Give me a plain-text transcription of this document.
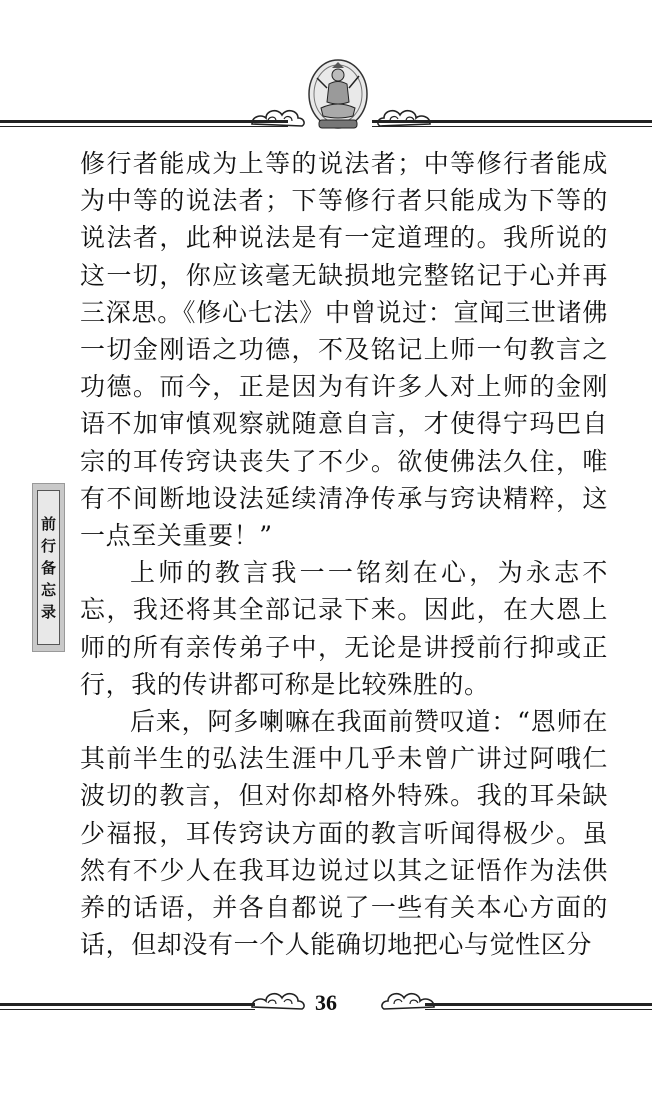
修行者能成为上等的说法者；中等修行者能成为中等的说法者；下等修行者只能成为下等的说法者，此种说法是有一定道理的。我所说的这一切，你应该毫无缺损地完整铭记于心并再三深思。《修心七法》中曾说过：宣闻三世诸佛一切金刚语之功德，不及铭记上师一句教言之功德。而今，正是因为有许多人对上师的金刚语不加审慎观察就随意自言，才使得宁玛巴自宗的耳传窍诀丧失了不少。欲使佛法久住，唯有不间断地设法延续清净传承与窍诀精粹，这一点至关重要！”

上师的教言我一一铭刻在心，为永志不忘，我还将其全部记录下来。因此，在大恩上师的所有亲传弟子中，无论是讲授前行抑或正行，我的传讲都可称是比较殊胜的。

后来，阿多喇嘛在我面前赞叹道：“恩师在其前半生的弘法生涯中几乎未曾广讲过阿哦仁波切的教言，但对你却格外特殊。我的耳朵缺少福报，耳传窍诀方面的教言听闻得极少。虽然有不少人在我耳边说过以其之证悟作为法供养的话语，并各自都说了一些有关本心方面的话，但却没有一个人能确切地把心与觉性区分

前
行
备
忘
录
36
